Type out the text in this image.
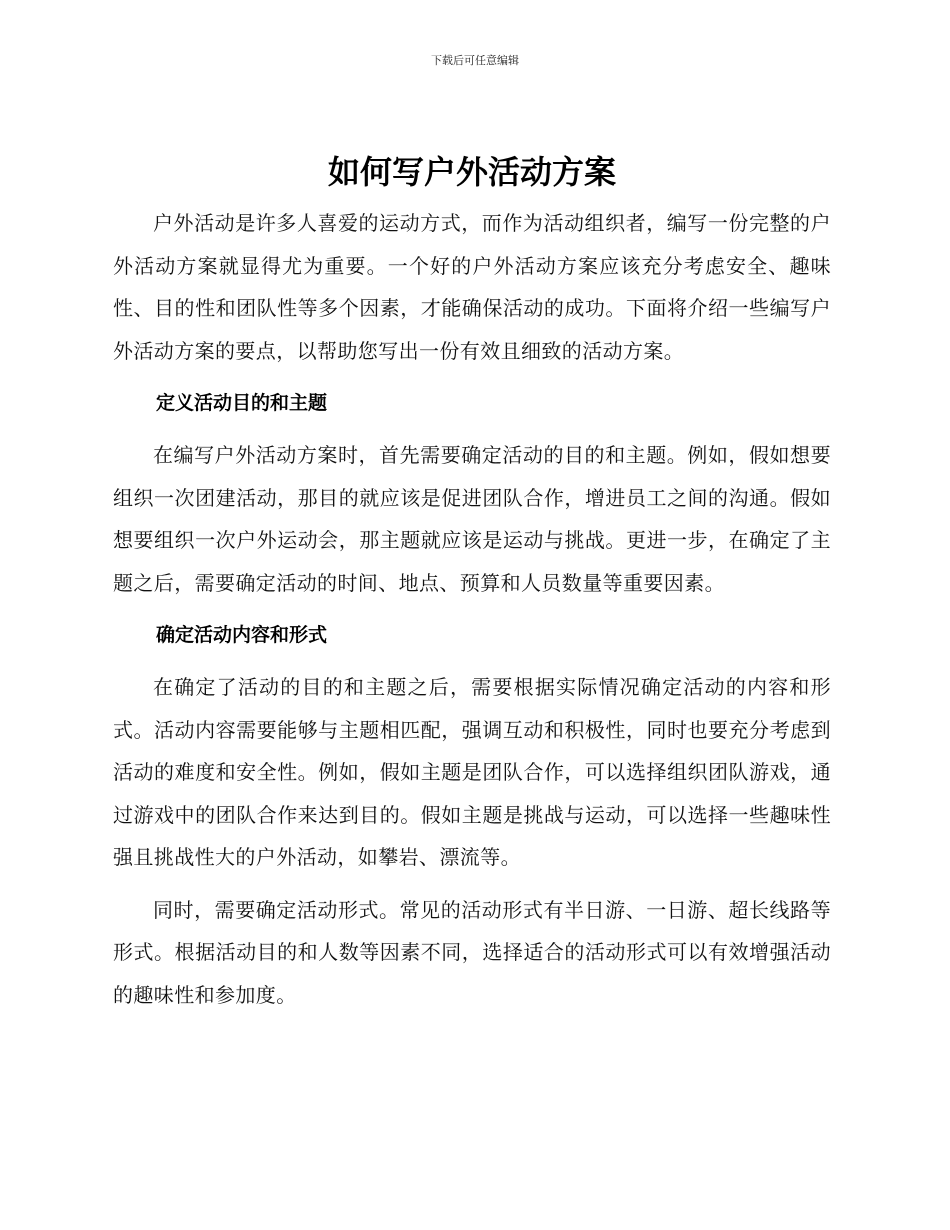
下载后可任意编辑
如何写户外活动方案

户外活动是许多人喜爱的运动方式，而作为活动组织者，编写一份完整的户外活动方案就显得尤为重要。一个好的户外活动方案应该充分考虑安全、趣味性、目的性和团队性等多个因素，才能确保活动的成功。下面将介绍一些编写户外活动方案的要点，以帮助您写出一份有效且细致的活动方案。

定义活动目的和主题

在编写户外活动方案时，首先需要确定活动的目的和主题。例如，假如想要组织一次团建活动，那目的就应该是促进团队合作，增进员工之间的沟通。假如想要组织一次户外运动会，那主题就应该是运动与挑战。更进一步，在确定了主题之后，需要确定活动的时间、地点、预算和人员数量等重要因素。

确定活动内容和形式

在确定了活动的目的和主题之后，需要根据实际情况确定活动的内容和形式。活动内容需要能够与主题相匹配，强调互动和积极性，同时也要充分考虑到活动的难度和安全性。例如，假如主题是团队合作，可以选择组织团队游戏，通过游戏中的团队合作来达到目的。假如主题是挑战与运动，可以选择一些趣味性强且挑战性大的户外活动，如攀岩、漂流等。

同时，需要确定活动形式。常见的活动形式有半日游、一日游、超长线路等形式。根据活动目的和人数等因素不同，选择适合的活动形式可以有效增强活动的趣味性和参加度。
